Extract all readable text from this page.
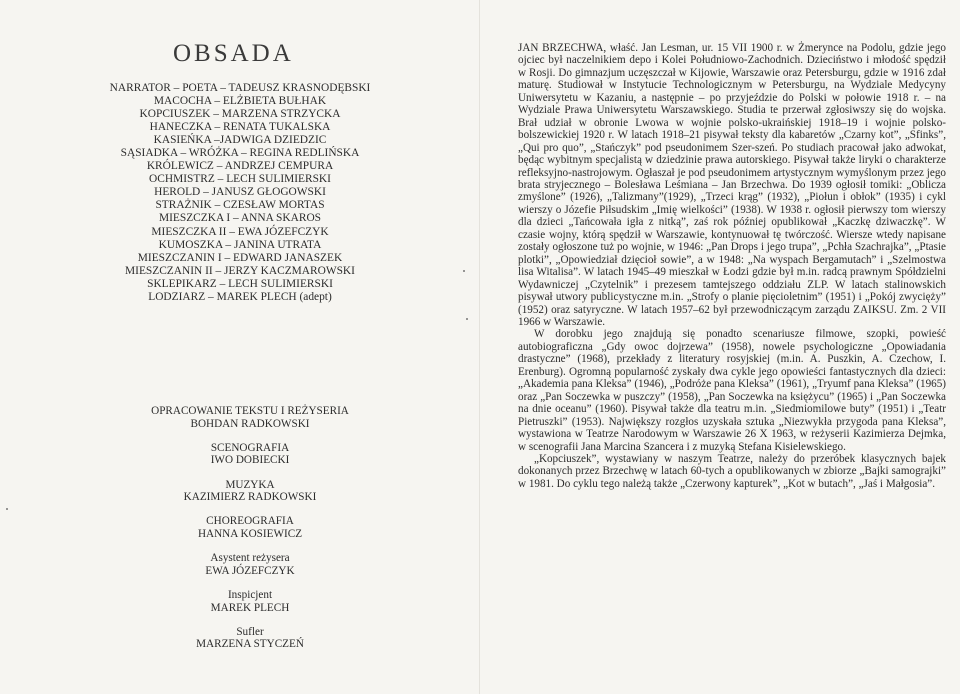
OBSADA
NARRATOR – POETA – TADEUSZ KRASNODĘBSKI
MACOCHA – ELŻBIETA BUŁHAK
KOPCIUSZEK – MARZENA STRZYCKA
HANECZKA – RENATA TUKALSKA
KASIEŃKA –JADWIGA DZIEDZIC
SĄSIADKA – WRÓŻKA – REGINA REDLIŃSKA
KRÓLEWICZ – ANDRZEJ CEMPURA
OCHMISTRZ – LECH SULIMIERSKI
HEROLD – JANUSZ GŁOGOWSKI
STRAŻNIK – CZESŁAW MORTAS
MIESZCZKA I – ANNA SKAROS
MIESZCZKA II – EWA JÓZEFCZYK
KUMOSZKA – JANINA UTRATA
MIESZCZANIN I – EDWARD JANASZEK
MIESZCZANIN II – JERZY KACZMAROWSKI
SKLEPIKARZ – LECH SULIMIERSKI
LODZIARZ – MAREK PLECH (adept)
OPRACOWANIE TEKSTU I REŻYSERIA
BOHDAN RADKOWSKI
SCENOGRAFIA
IWO DOBIECKI
MUZYKA
KAZIMIERZ RADKOWSKI
CHOREOGRAFIA
HANNA KOSIEWICZ
Asystent reżysera
EWA JÓZEFCZYK
Inspicjent
MAREK PLECH
Sufler
MARZENA STYCZEŃ

JAN BRZECHWA, właść. Jan Lesman, ur. 15 VII 1900 r. w Żmerynce na Podolu, gdzie jego ojciec był naczelnikiem depo i Kolei Południowo-Zachodnich. Dzieciństwo i młodość spędził w Rosji. Do gimnazjum uczęszczał w Kijowie, Warszawie oraz Petersburgu, gdzie w 1916 zdał maturę. Studiował w Instytucie Technologicznym w Petersburgu, na Wydziale Medycyny Uniwersytetu w Kazaniu, a następnie – po przyjeździe do Polski w połowie 1918 r. – na Wydziale Prawa Uniwersytetu Warszawskiego. Studia te przerwał zgłosiwszy się do wojska. Brał udział w obronie Lwowa w wojnie polsko-ukraińskiej 1918–19 i wojnie polsko-bolszewickiej 1920 r. W latach 1918–21 pisywał teksty dla kabaretów „Czarny kot”, „Sfinks”, „Qui pro quo”, „Stańczyk” pod pseudonimem Szer-szeń. Po studiach pracował jako adwokat, będąc wybitnym specjalistą w dziedzinie prawa autorskiego. Pisywał także liryki o charakterze refleksyjno-nastrojowym. Ogłaszał je pod pseudonimem artystycznym wymyślonym przez jego brata stryjecznego – Bolesława Leśmiana – Jan Brzechwa. Do 1939 ogłosił tomiki: „Oblicza zmyślone” (1926), „Talizmany”(1929), „Trzeci krąg” (1932), „Piołun i obłok” (1935) i cykl wierszy o Józefie Piłsudskim „Imię wielkości” (1938). W 1938 r. ogłosił pierwszy tom wierszy dla dzieci „Tańcowała igła z nitką”, zaś rok później opublikował „Kaczkę dziwaczkę”. W czasie wojny, którą spędził w Warszawie, kontynuował tę twórczość. Wiersze wtedy napisane zostały ogłoszone tuż po wojnie, w 1946: „Pan Drops i jego trupa”, „Pchła Szachrajka”, „Ptasie plotki”, „Opowiedział dzięcioł sowie”, a w 1948: „Na wyspach Bergamutach” i „Szelmostwa lisa Witalisa”. W latach 1945–49 mieszkał w Łodzi gdzie był m.in. radcą prawnym Spółdzielni Wydawniczej „Czytelnik” i prezesem tamtejszego oddziału ZLP. W latach stalinowskich pisywał utwory publicystyczne m.in. „Strofy o planie pięcioletnim” (1951) i „Pokój zwycięży” (1952) oraz satyryczne. W latach 1957–62 był przewodniczącym zarządu ZAIKSU. Zm. 2 VII 1966 w Warszawie.

W dorobku jego znajdują się ponadto scenariusze filmowe, szopki, powieść autobiograficzna „Gdy owoc dojrzewa” (1958), nowele psychologiczne „Opowiadania drastyczne” (1968), przekłady z literatury rosyjskiej (m.in. A. Puszkin, A. Czechow, I. Erenburg). Ogromną popularność zyskały dwa cykle jego opowieści fantastycznych dla dzieci: „Akademia pana Kleksa” (1946), „Podróże pana Kleksa” (1961), „Tryumf pana Kleksa” (1965) oraz „Pan Soczewka w puszczy” (1958), „Pan Soczewka na księżycu” (1965) i „Pan Soczewka na dnie oceanu” (1960). Pisywał także dla teatru m.in. „Siedmiomilowe buty” (1951) i „Teatr Pietruszki” (1953). Największy rozgłos uzyskała sztuka „Niezwykła przygoda pana Kleksa”, wystawiona w Teatrze Narodowym w Warszawie 26 X 1963, w reżyserii Kazimierza Dejmka, w scenografii Jana Marcina Szancera i z muzyką Stefana Kisielewskiego.

„Kopciuszek”, wystawiany w naszym Teatrze, należy do przeróbek klasycznych bajek dokonanych przez Brzechwę w latach 60-tych a opublikowanych w zbiorze „Bajki samograjki” w 1981. Do cyklu tego należą także „Czerwony kapturek”, „Kot w butach”, „Jaś i Małgosia”.
